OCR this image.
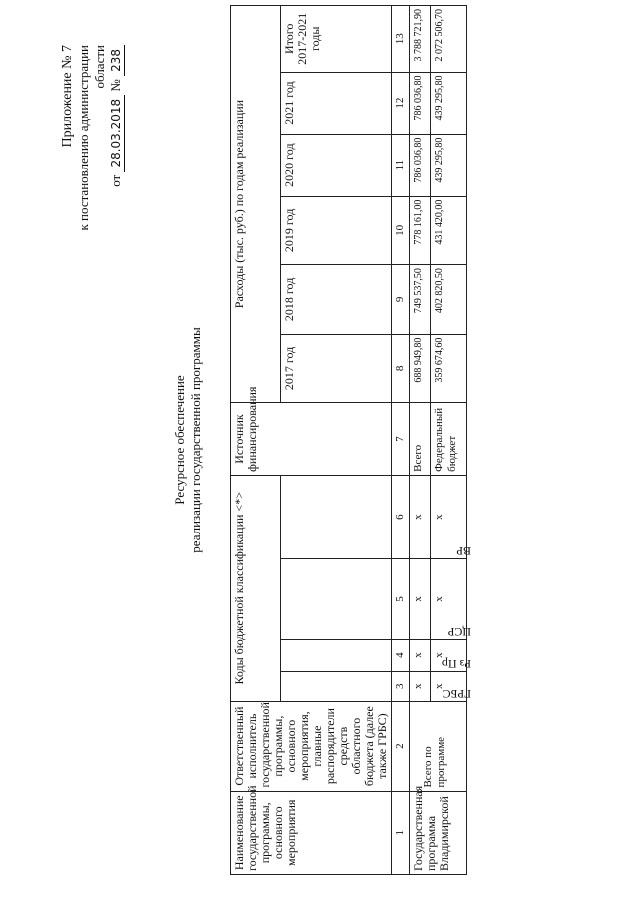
Приложение № 7 к постановлению администрации области
от 28.03.2018 № 238
Ресурсное обеспечение реализации государственной программы
Наименование государственной программы, основного мероприятия	Ответственный исполнитель государственной программы, основного мероприятия, главные распорядители средств областного бюджета (далее также ГРБС)	Коды бюджетной классификации <*>				Источник финансирования	Расходы (тыс. руб.) по годам реализации					

		ГРБС	Рз Пр	ЦСР	ВР		2017 год	2018 год	2019 год	2020 год	2021 год	Итого 2017-2021 годы
1	2	3	4	5	6	7	8	9	10	11	12	13
Государственная программа Владимирской	Всего по программе	x	x	x	x	Всего	688 949,80	749 537,50	778 161,00	786 036,80	786 036,80	3 788 721,90
		x	x	x	x	Федеральный бюджет	359 674,60	402 820,50	431 420,00	439 295,80	439 295,80	2 072 506,70
